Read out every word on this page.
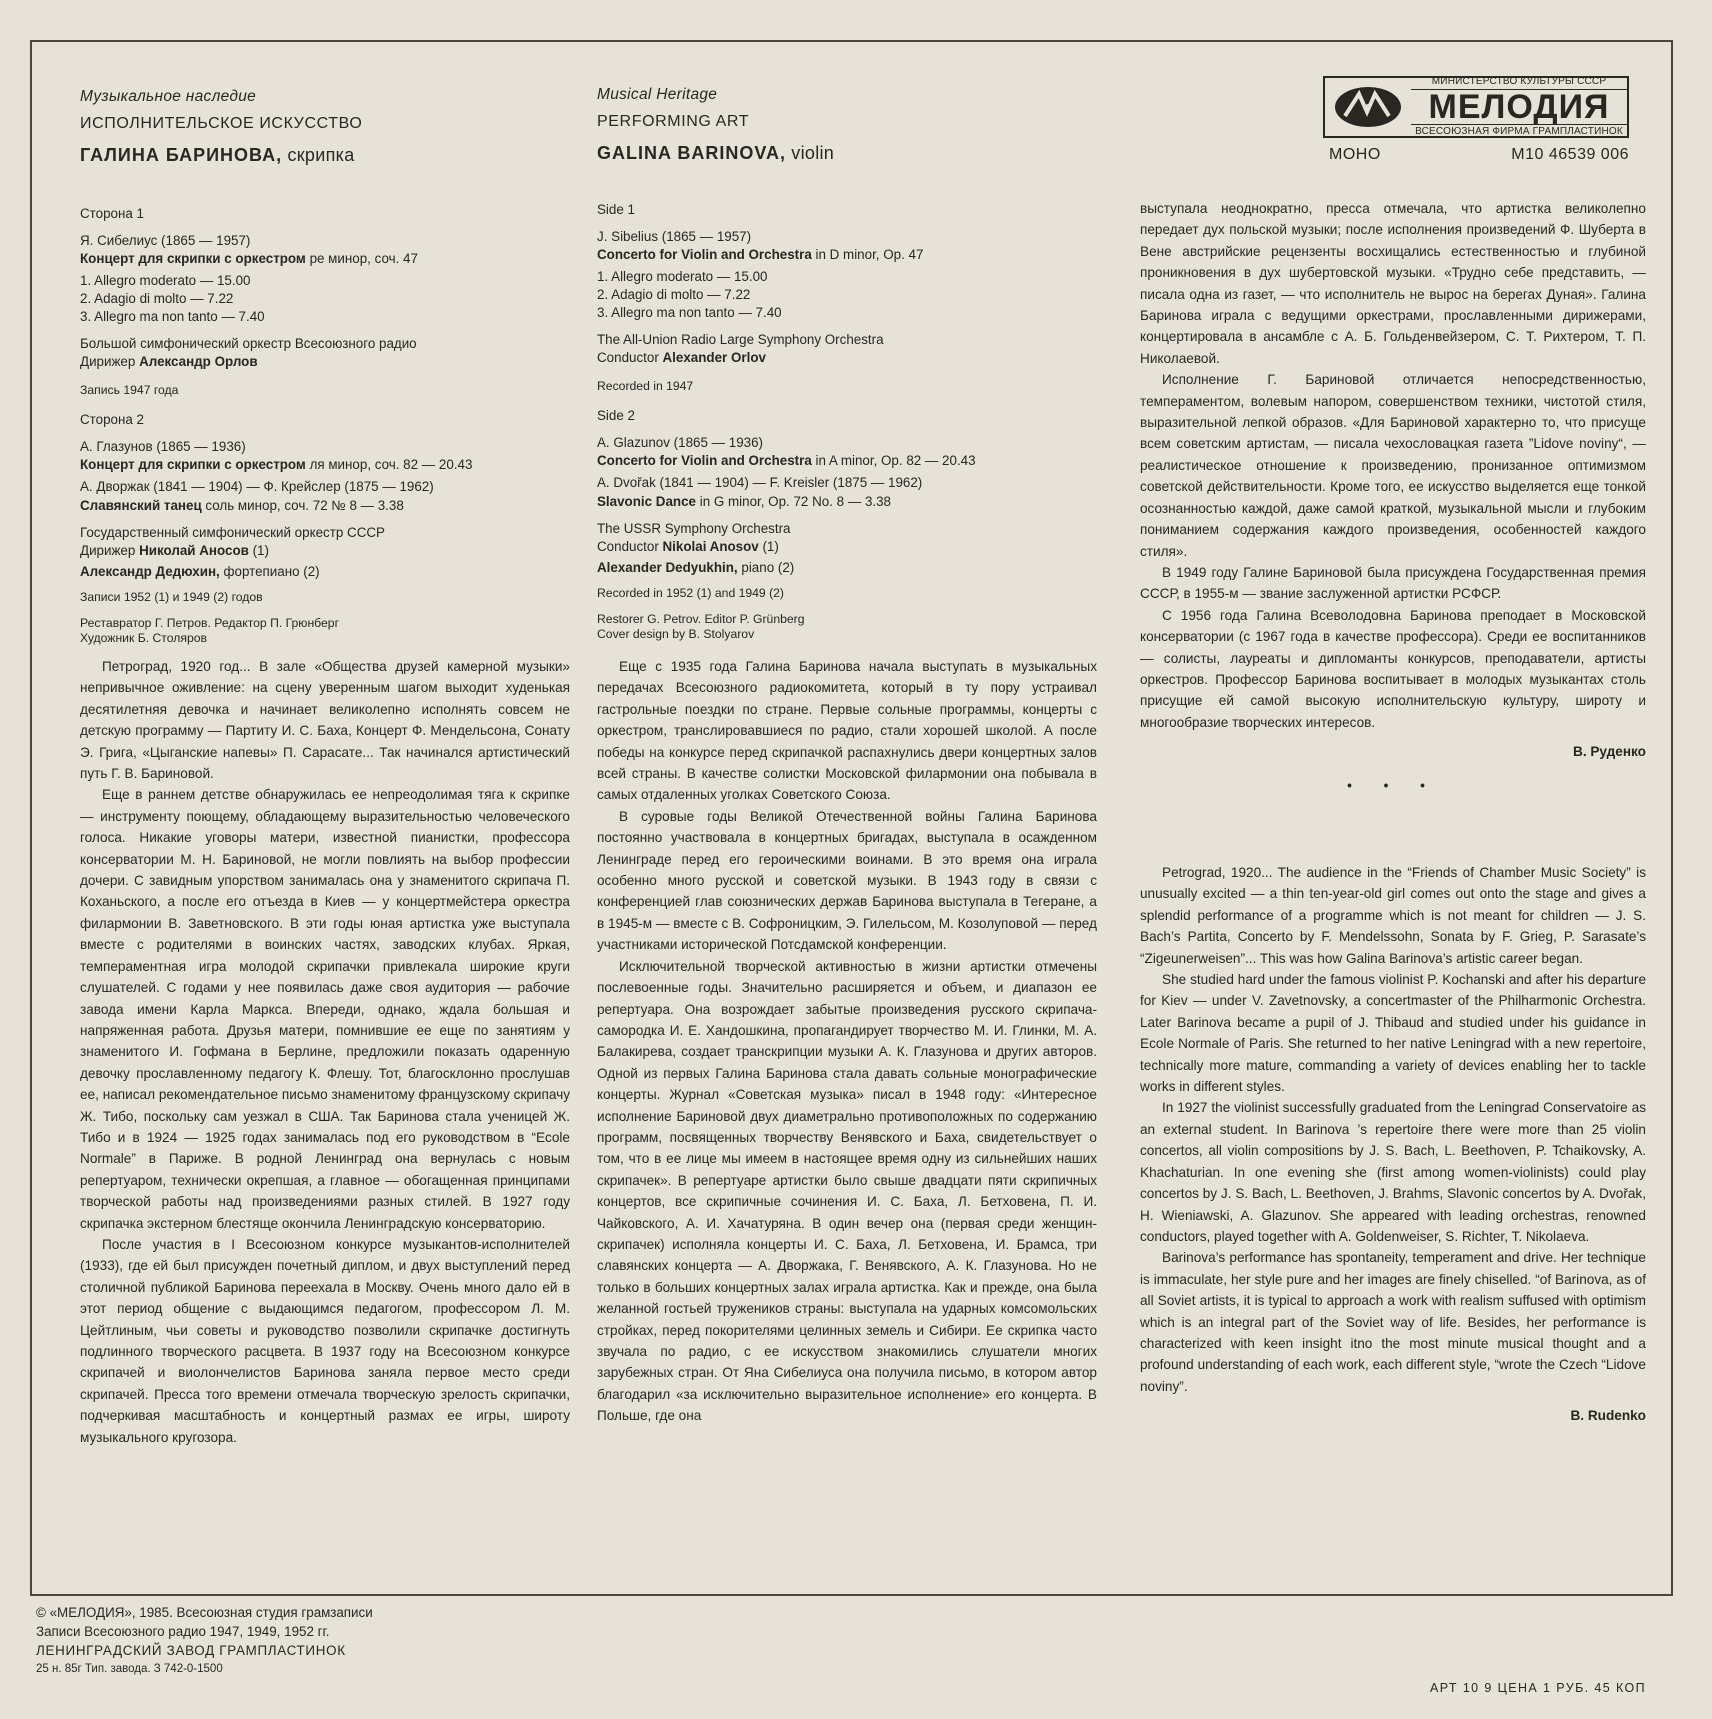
Музыкальное наследие
ИСПОЛНИТЕЛЬСКОЕ ИСКУССТВО
ГАЛИНА БАРИНОВА, скрипка
Сторона 1
Я. Сибелиус (1865 — 1957)
Концерт для скрипки с оркестром ре минор, соч. 47
1. Allegro moderato — 15.00
2. Adagio di molto — 7.22
3. Allegro ma non tanto — 7.40
Большой симфонический оркестр Всесоюзного радио
Дирижер Александр Орлов
Запись 1947 года
Сторона 2
А. Глазунов (1865 — 1936)
Концерт для скрипки с оркестром ля минор, соч. 82 — 20.43
А. Дворжак (1841 — 1904) — Ф. Крейслер (1875 — 1962)
Славянский танец соль минор, соч. 72 № 8 — 3.38
Государственный симфонический оркестр СССР
Дирижер Николай Аносов (1)
Александр Дедюхин, фортепиано (2)
Записи 1952 (1) и 1949 (2) годов
Реставратор Г. Петров. Редактор П. Грюнберг
Художник Б. Столяров

Петроград, 1920 год... В зале «Общества друзей камерной музыки» непривычное оживление: на сцену уверенным шагом выходит худенькая десятилетняя девочка и начинает великолепно исполнять совсем не детскую программу — Партиту И. С. Баха, Концерт Ф. Мендельсона, Сонату Э. Грига, «Цыганские напевы» П. Сарасате... Так начинался артистический путь Г. В. Бариновой.

Еще в раннем детстве обнаружилась ее непреодолимая тяга к скрипке — инструменту поющему, обладающему выразительностью человеческого голоса. Никакие уговоры матери, известной пианистки, профессора консерватории М. Н. Бариновой, не могли повлиять на выбор профессии дочери. С завидным упорством занималась она у знаменитого скрипача П. Коханьского, а после его отъезда в Киев — у концертмейстера оркестра филармонии В. Заветновского. В эти годы юная артистка уже выступала вместе с родителями в воинских частях, заводских клубах. Яркая, темпераментная игра молодой скрипачки привлекала широкие круги слушателей. С годами у нее появилась даже своя аудитория — рабочие завода имени Карла Маркса. Впереди, однако, ждала большая и напряженная работа. Друзья матери, помнившие ее еще по занятиям у знаменитого И. Гофмана в Берлине, предложили показать одаренную девочку прославленному педагогу К. Флешу. Тот, благосклонно прослушав ее, написал рекомендательное письмо знаменитому французскому скрипачу Ж. Тибо, поскольку сам уезжал в США. Так Баринова стала ученицей Ж. Тибо и в 1924 — 1925 годах занималась под его руководством в “Ecole Normale” в Париже. В родной Ленинград она вернулась с новым репертуаром, технически окрепшая, а главное — обогащенная принципами творческой работы над произведениями разных стилей. В 1927 году скрипачка экстерном блестяще окончила Ленинградскую консерваторию.

После участия в I Всесоюзном конкурсе музыкантов-исполнителей (1933), где ей был присужден почетный диплом, и двух выступлений перед столичной публикой Баринова переехала в Москву. Очень много дало ей в этот период общение с выдающимся педагогом, профессором Л. М. Цейтлиным, чьи советы и руководство позволили скрипачке достигнуть подлинного творческого расцвета. В 1937 году на Всесоюзном конкурсе скрипачей и виолончелистов Баринова заняла первое место среди скрипачей. Пресса того времени отмечала творческую зрелость скрипачки, подчеркивая масштабность и концертный размах ее игры, широту музыкального кругозора.

Musical Heritage
PERFORMING ART
GALINA BARINOVA, violin
Side 1
J. Sibelius (1865 — 1957)
Concerto for Violin and Orchestra in D minor, Op. 47
1. Allegro moderato — 15.00
2. Adagio di molto — 7.22
3. Allegro ma non tanto — 7.40
The All-Union Radio Large Symphony Orchestra
Conductor Alexander Orlov
Recorded in 1947
Side 2
A. Glazunov (1865 — 1936)
Concerto for Violin and Orchestra in A minor, Op. 82 — 20.43
A. Dvořak (1841 — 1904) — F. Kreisler (1875 — 1962)
Slavonic Dance in G minor, Op. 72 No. 8 — 3.38
The USSR Symphony Orchestra
Conductor Nikolai Anosov (1)
Alexander Dedyukhin, piano (2)
Recorded in 1952 (1) and 1949 (2)
Restorer G. Petrov. Editor P. Grünberg
Cover design by B. Stolyarov

Еще с 1935 года Галина Баринова начала выступать в музыкальных передачах Всесоюзного радиокомитета, который в ту пору устраивал гастрольные поездки по стране. Первые сольные программы, концерты с оркестром, транслировавшиеся по радио, стали хорошей школой. А после победы на конкурсе перед скрипачкой распахнулись двери концертных залов всей страны. В качестве солистки Московской филармонии она побывала в самых отдаленных уголках Советского Союза.

В суровые годы Великой Отечественной войны Галина Баринова постоянно участвовала в концертных бригадах, выступала в осажденном Ленинграде перед его героическими воинами. В это время она играла особенно много русской и советской музыки. В 1943 году в связи с конференцией глав союзнических держав Баринова выступала в Тегеране, а в 1945-м — вместе с В. Софроницким, Э. Гилельсом, М. Козолуповой — перед участниками исторической Потсдамской конференции.

Исключительной творческой активностью в жизни артистки отмечены послевоенные годы. Значительно расширяется и объем, и диапазон ее репертуара. Она возрождает забытые произведения русского скрипача-самородка И. Е. Хандошкина, пропагандирует творчество М. И. Глинки, М. А. Балакирева, создает транскрипции музыки А. К. Глазунова и других авторов. Одной из первых Галина Баринова стала давать сольные монографические концерты. Журнал «Советская музыка» писал в 1948 году: «Интересное исполнение Бариновой двух диаметрально противоположных по содержанию программ, посвященных творчеству Венявского и Баха, свидетельствует о том, что в ее лице мы имеем в настоящее время одну из сильнейших наших скрипачек». В репертуаре артистки было свыше двадцати пяти скрипичных концертов, все скрипичные сочинения И. С. Баха, Л. Бетховена, П. И. Чайковского, А. И. Хачатуряна. В один вечер она (первая среди женщин-скрипачек) исполняла концерты И. С. Баха, Л. Бетховена, И. Брамса, три славянских концерта — А. Дворжака, Г. Венявского, А. К. Глазунова. Но не только в больших концертных залах играла артистка. Как и прежде, она была желанной гостьей тружеников страны: выступала на ударных комсомольских стройках, перед покорителями целинных земель и Сибири. Ее скрипка часто звучала по радио, с ее искусством знакомились слушатели многих зарубежных стран. От Яна Сибелиуса она получила письмо, в котором автор благодарил «за исключительно выразительное исполнение» его концерта. В Польше, где она

МИНИСТЕРСТВО КУЛЬТУРЫ СССР
МЕЛОДИЯ
ВСЕСОЮЗНАЯ ФИРМА ГРАМПЛАСТИНОК
МОНО	М10 46539 006

выступала неоднократно, пресса отмечала, что артистка великолепно передает дух польской музыки; после исполнения произведений Ф. Шуберта в Вене австрийские рецензенты восхищались естественностью и глубиной проникновения в дух шубертовской музыки. «Трудно себе представить, — писала одна из газет, — что исполнитель не вырос на берегах Дуная». Галина Баринова играла с ведущими оркестрами, прославленными дирижерами, концертировала в ансамбле с А. Б. Гольденвейзером, С. Т. Рихтером, Т. П. Николаевой.

Исполнение Г. Бариновой отличается непосредственностью, темпераментом, волевым напором, совершенством техники, чистотой стиля, выразительной лепкой образов. «Для Бариновой характерно то, что присуще всем советским артистам, — писала чехословацкая газета ”Lidove noviny“, — реалистическое отношение к произведению, пронизанное оптимизмом советской действительности. Кроме того, ее искусство выделяется еще тонкой осознанностью каждой, даже самой краткой, музыкальной мысли и глубоким пониманием содержания каждого произведения, особенностей каждого стиля».

В 1949 году Галине Бариновой была присуждена Государственная премия СССР, в 1955-м — звание заслуженной артистки РСФСР.

С 1956 года Галина Всеволодовна Баринова преподает в Московской консерватории (с 1967 года в качестве профессора). Среди ее воспитанников — солисты, лауреаты и дипломанты конкурсов, преподаватели, артисты оркестров. Профессор Баринова воспитывает в молодых музыкантах столь присущие ей самой высокую исполнительскую культуру, широту и многообразие творческих интересов.

В. Руденко

• • •

Petrograd, 1920... The audience in the “Friends of Chamber Music Society” is unusually excited — a thin ten-year-old girl comes out onto the stage and gives a splendid performance of a programme which is not meant for children — J. S. Bach’s Partita, Concerto by F. Mendelssohn, Sonata by F. Grieg, P. Sarasate’s “Zigeunerweisen”... This was how Galina Barinova’s artistic career began.

She studied hard under the famous violinist P. Kochanski and after his departure for Kiev — under V. Zavetnovsky, a concertmaster of the Philharmonic Orchestra. Later Barinova became a pupil of J. Thibaud and studied under his guidance in Ecole Normale of Paris. She returned to her native Leningrad with a new repertoire, technically more mature, commanding a variety of devices enabling her to tackle works in different styles.

In 1927 the violinist successfully graduated from the Leningrad Conservatoire as an external student. In Barinova ’s repertoire there were more than 25 violin concertos, all violin compositions by J. S. Bach, L. Beethoven, P. Tchaikovsky, A. Khachaturian. In one evening she (first among women-violinists) could play concertos by J. S. Bach, L. Beethoven, J. Brahms, Slavonic concertos by A. Dvořak, H. Wieniawski, A. Glazunov. She appeared with leading orchestras, renowned conductors, played together with A. Goldenweiser, S. Richter, T. Nikolaeva.

Barinova’s performance has spontaneity, temperament and drive. Her technique is immaculate, her style pure and her images are finely chiselled. “of Barinova, as of all Soviet artists, it is typical to approach a work with realism suffused with optimism which is an integral part of the Soviet way of life. Besides, her performance is characterized with keen insight itno the most minute musical thought and a profound understanding of each work, each different style, “wrote the Czech “Lidove noviny”.

B. Rudenko

© «МЕЛОДИЯ», 1985. Всесоюзная студия грамзаписи
Записи Всесоюзного радио 1947, 1949, 1952 гг.
ЛЕНИНГРАДСКИЙ ЗАВОД ГРАМПЛАСТИНОК
25 н. 85г Тип. завода. З 742-0-1500
АРТ 10 9 ЦЕНА 1 РУБ. 45 КОП
